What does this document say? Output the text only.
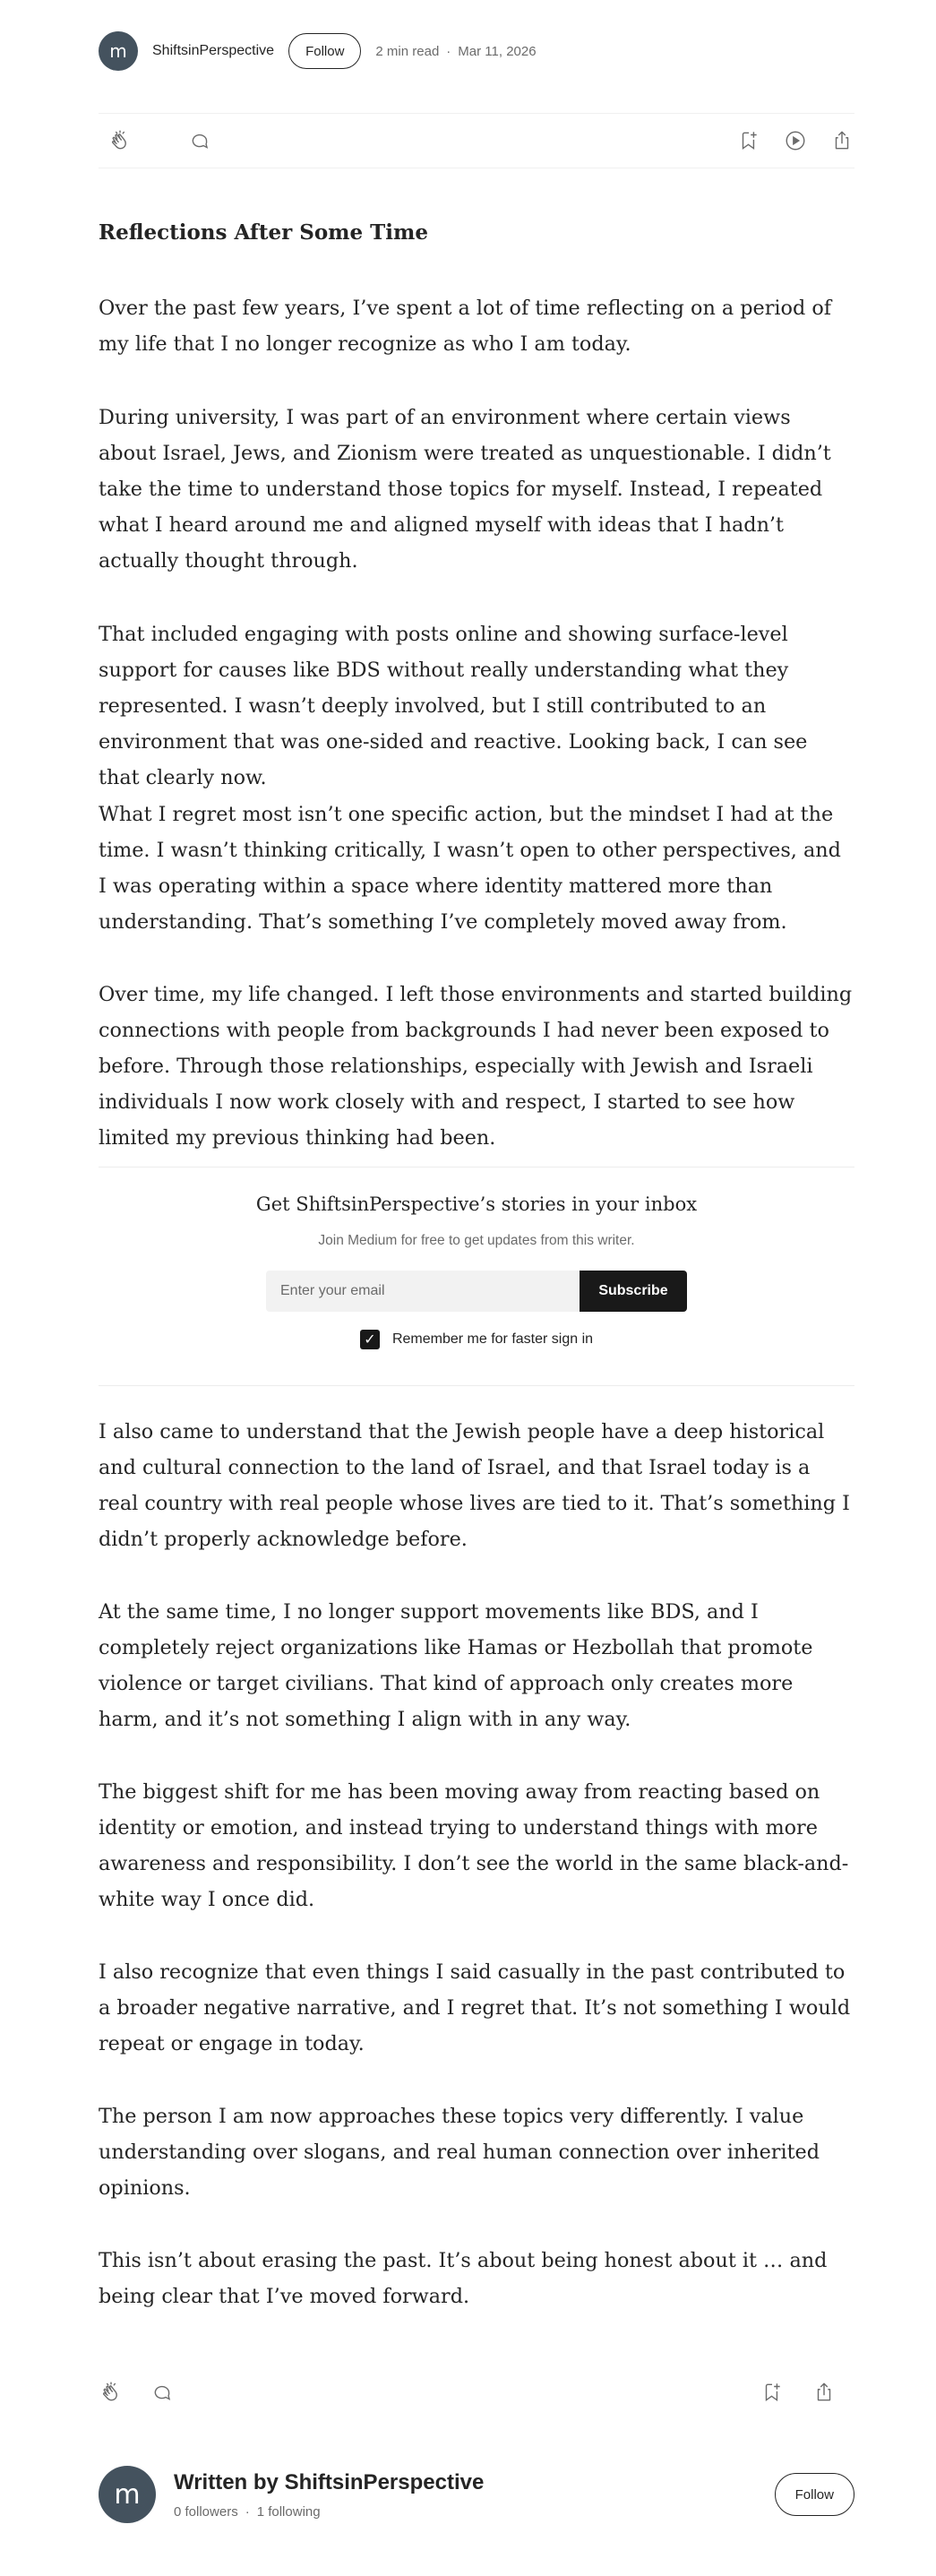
m	ShiftsinPerspective	Follow	2 min read · Mar 11, 2026
Reflections After Some Time

Over the past few years, I’ve spent a lot of time reflecting on a period of my life that I no longer recognize as who I am today.

During university, I was part of an environment where certain views about Israel, Jews, and Zionism were treated as unquestionable. I didn’t take the time to understand those topics for myself. Instead, I repeated what I heard around me and aligned myself with ideas that I hadn’t actually thought through.

That included engaging with posts online and showing surface-level support for causes like BDS without really understanding what they represented. I wasn’t deeply involved, but I still contributed to an environment that was one-sided and reactive. Looking back, I can see that clearly now.

What I regret most isn’t one specific action, but the mindset I had at the time. I wasn’t thinking critically, I wasn’t open to other perspectives, and I was operating within a space where identity mattered more than understanding. That’s something I’ve completely moved away from.

Over time, my life changed. I left those environments and started building connections with people from backgrounds I had never been exposed to before. Through those relationships, especially with Jewish and Israeli individuals I now work closely with and respect, I started to see how limited my previous thinking had been.

Get ShiftsinPerspective’s stories in your inbox
Join Medium for free to get updates from this writer.
Enter your email
Subscribe
✓ Remember me for faster sign in

I also came to understand that the Jewish people have a deep historical and cultural connection to the land of Israel, and that Israel today is a real country with real people whose lives are tied to it. That’s something I didn’t properly acknowledge before.

At the same time, I no longer support movements like BDS, and I completely reject organizations like Hamas or Hezbollah that promote violence or target civilians. That kind of approach only creates more harm, and it’s not something I align with in any way.

The biggest shift for me has been moving away from reacting based on identity or emotion, and instead trying to understand things with more awareness and responsibility. I don’t see the world in the same black-and-white way I once did.

I also recognize that even things I said casually in the past contributed to a broader negative narrative, and I regret that. It’s not something I would repeat or engage in today.

The person I am now approaches these topics very differently. I value understanding over slogans, and real human connection over inherited opinions.

This isn’t about erasing the past. It’s about being honest about it … and being clear that I’ve moved forward.

m	Written by ShiftsinPerspective
0 followers · 1 following
Follow
